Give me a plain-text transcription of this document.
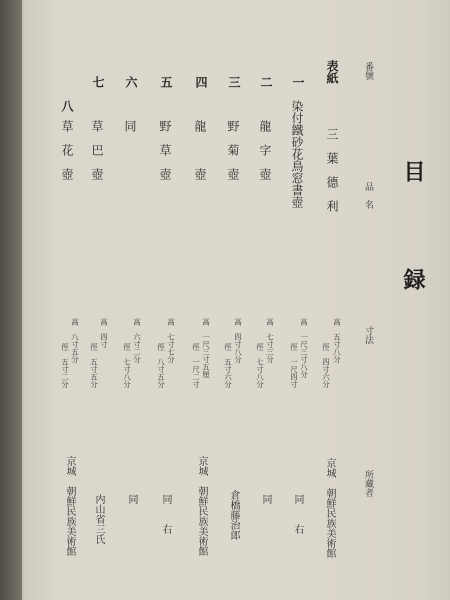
目 録
番號
品　名
寸法
所藏者
表紙
三　葉　德　利
高　五寸八分
徑　四寸六分
京城　朝鮮民族美術館
一
染付鐵砂花鳥窓書壺
高　一尺三寸八分
徑　一尺四寸
同　　右
二
龍　字　壺
高　七寸三分
徑　七寸八分
同
三
野　菊　壺
高　四寸八分
徑　五寸六分
倉橋藤治郎
四
龍　　　壺
高　一尺三寸五厘
徑　一尺二寸
京城　朝鮮民族美術館
五
野　草　壺
高　七寸七分
徑　八寸五分
同　　右
六
同
高　六寸二分
徑　七寸八分
同
七
草　巴　壺
高　四寸
徑　五寸五分
内山省三氏
八
草　花　壺
高　八寸五分
徑　五寸二分
京城　朝鮮民族美術館
